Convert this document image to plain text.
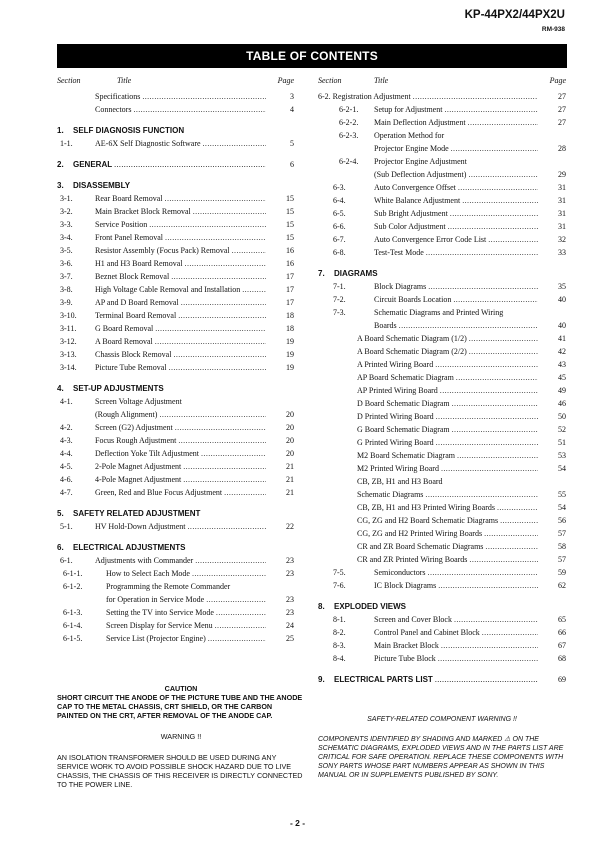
KP-44PX2/44PX2U
RM-938
TABLE OF CONTENTS
Section	Title	Page
Specifications .....	3
Connectors .....	4
1. SELF DIAGNOSIS FUNCTION
1-1.	AE-6X Self Diagnostic Software .....	5
2. GENERAL .....	6
3. DISASSEMBLY
3-1.	Rear Board Removal .....	15
3-2.	Main Bracket Block Removal .....	15
3-3.	Service Position .....	15
3-4.	Front Panel Removal .....	15
3-5.	Resistor Assembly (Focus Pack) Removal .....	16
3-6.	H1 and H3 Board Removal .....	16
3-7.	Beznet Block Removal .....	17
3-8.	High Voltage Cable Removal and Installation .....	17
3-9.	AP and D Board Removal .....	17
3-10. Terminal Board Removal .....	18
3-11. G Board Removal .....	18
3-12. A Board Removal .....	19
3-13. Chassis Block Removal .....	19
3-14. Picture Tube Removal .....	19
4. SET-UP ADJUSTMENTS
4-1.	Screen Voltage Adjustment
(Rough Alignment) .....	20
4-2.	Screen (G2) Adjustment .....	20
4-3.	Focus Rough Adjustment .....	20
4-4.	Deflection Yoke Tilt Adjustment .....	20
4-5.	2-Pole Magnet Adjustment .....	21
4-6.	4-Pole Magnet Adjustment .....	21
4-7.	Green, Red and Blue Focus Adjustment .....	21
5. SAFETY RELATED ADJUSTMENT
5-1.	HV Hold-Down Adjustment .....	22
6. ELECTRICAL ADJUSTMENTS
6-1.	Adjustments with Commander .....	23
6-1-1.	How to Select Each Mode .....	23
6-1-2.	Programming the Remote Commander
for Operation in Service Mode .....	23
6-1-3.	Setting the TV into Service Mode .....	23
6-1-4.	Screen Display for Service Menu .....	24
6-1-5.	Service List (Projector Engine) .....	25
Section	Title	Page
6-2. Registration Adjustment .....	27
6-2-1. Setup for Adjustment .....	27
6-2-2. Main Deflection Adjustment .....	27
6-2-3. Operation Method for
Projector Engine Mode .....	28
6-2-4. Projector Engine Adjustment
(Sub Deflection Adjustment) .....	29
6-3.	Auto Convergence Offset .....	31
6-4.	White Balance Adjustment .....	31
6-5.	Sub Bright Adjustment .....	31
6-6.	Sub Color Adjustment .....	31
6-7.	Auto Convergence Error Code List .....	32
6-8.	Test-Test Mode .....	33
7. DIAGRAMS
7-1.	Block Diagrams .....	35
7-2.	Circuit Boards Location .....	40
7-3.	Schematic Diagrams and Printed Wiring
Boards .....	40
A Board Schematic Diagram (1/2) .....	41
A Board Schematic Diagram (2/2) .....	42
A Printed Wiring Board .....	43
AP Board Schematic Diagram .....	45
AP Printed Wiring Board .....	49
D Board Schematic Diagram .....	46
D Printed Wiring Board .....	50
G Board Schematic Diagram .....	52
G Printed Wiring Board .....	51
M2 Board Schematic Diagram .....	53
M2 Printed Wiring Board .....	54
CB, ZB, H1 and H3 Board
Schematic Diagrams .....	55
CB, ZB, H1 and H3 Printed Wiring Boards .....	54
CG, ZG and H2 Board Schematic Diagrams .....	56
CG, ZG and H2 Printed Wiring Boards .....	57
CR and ZR Board Schematic Diagrams .....	58
CR and ZR Printed Wiring Boards .....	57
7-5.	Semiconductors .....	59
7-6.	IC Block Diagrams .....	62
8. EXPLODED VIEWS
8-1.	Screen and Cover Block .....	65
8-2.	Control Panel and Cabinet Block .....	66
8-3.	Main Bracket Block .....	67
8-4.	Picture Tube Block .....	68
9. ELECTRICAL PARTS LIST .....	69
CAUTION
SHORT CIRCUIT THE ANODE OF THE PICTURE TUBE AND THE ANODE CAP TO THE METAL CHASSIS, CRT SHIELD, OR THE CARBON PAINTED ON THE CRT, AFTER REMOVAL OF THE ANODE CAP.
WARNING !!
AN ISOLATION TRANSFORMER SHOULD BE USED DURING ANY SERVICE WORK TO AVOID POSSIBLE SHOCK HAZARD DUE TO LIVE CHASSIS, THE CHASSIS OF THIS RECEIVER IS DIRECTLY CONNECTED TO THE POWER LINE.
SAFETY-RELATED COMPONENT WARNING !!
COMPONENTS IDENTIFIED BY SHADING AND MARKED ⚠ ON THE SCHEMATIC DIAGRAMS, EXPLODED VIEWS AND IN THE PARTS LIST ARE CRITICAL FOR SAFE OPERATION. REPLACE THESE COMPONENTS WITH SONY PARTS WHOSE PART NUMBERS APPEAR AS SHOWN IN THIS MANUAL OR IN SUPPLEMENTS PUBLISHED BY SONY.
- 2 -
